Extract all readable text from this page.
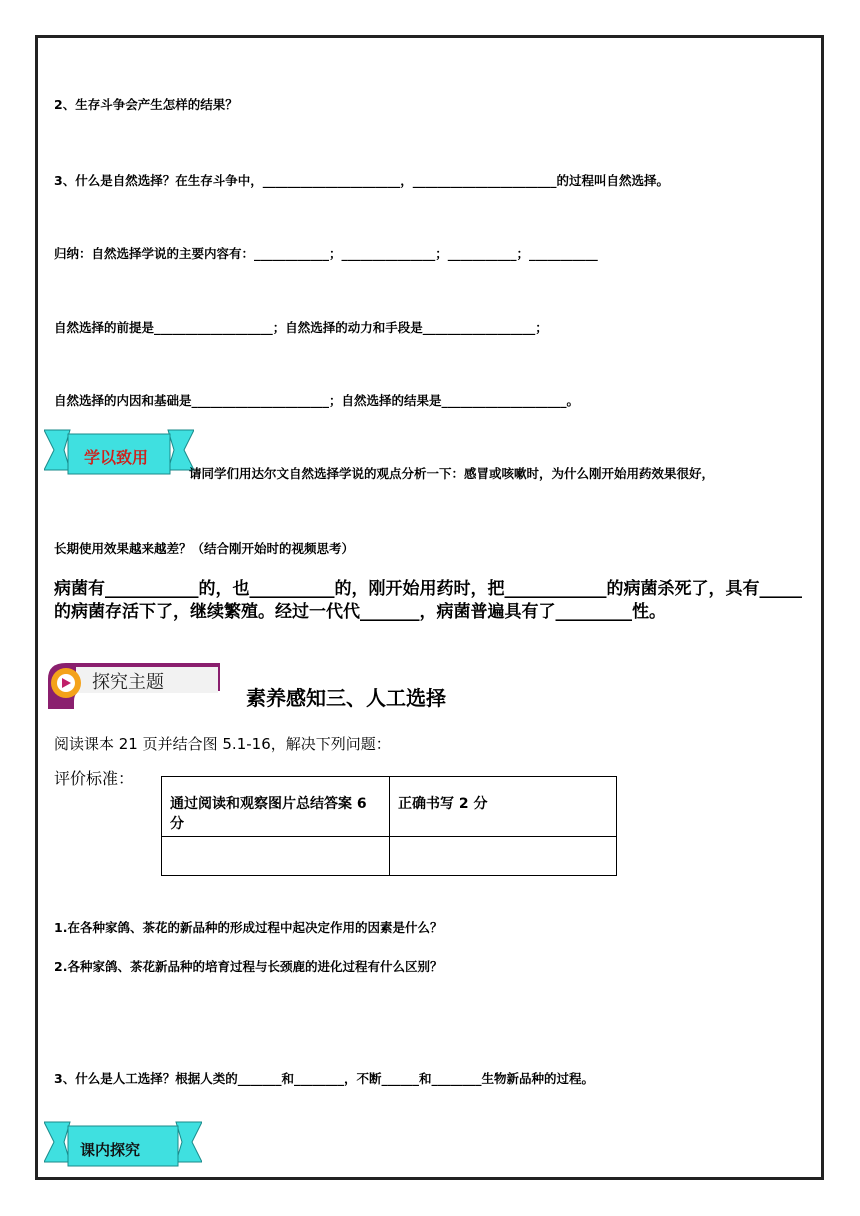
2、生存斗争会产生怎样的结果？
3、什么是自然选择？在生存斗争中，______________________，_______________________的过程叫自然选择。
归纳：自然选择学说的主要内容有：____________；_______________；___________；___________
自然选择的前提是___________________；自然选择的动力和手段是__________________；
自然选择的内因和基础是______________________；自然选择的结果是____________________。
学以致用
请同学们用达尔文自然选择学说的观点分析一下：感冒或咳嗽时，为什么刚开始用药效果很好，
长期使用效果越来越差？（结合刚开始时的视频思考）
病菌有___________的，也__________的，刚开始用药时，把____________的病菌杀死了，具有_____
的病菌存活下了，继续繁殖。经过一代代_______，病菌普遍具有了_________性。
探究主题
素养感知三、人工选择
阅读课本 21 页并结合图 5.1-16，解决下列问题：
评价标准：
通过阅读和观察图片总结答案 6 分	正确书写 2 分

1.在各种家鸽、茶花的新品种的形成过程中起决定作用的因素是什么？
2.各种家鸽、茶花新品种的培育过程与长颈鹿的进化过程有什么区别？
3、什么是人工选择？根据人类的_______和________，不断______和________生物新品种的过程。
课内探究
